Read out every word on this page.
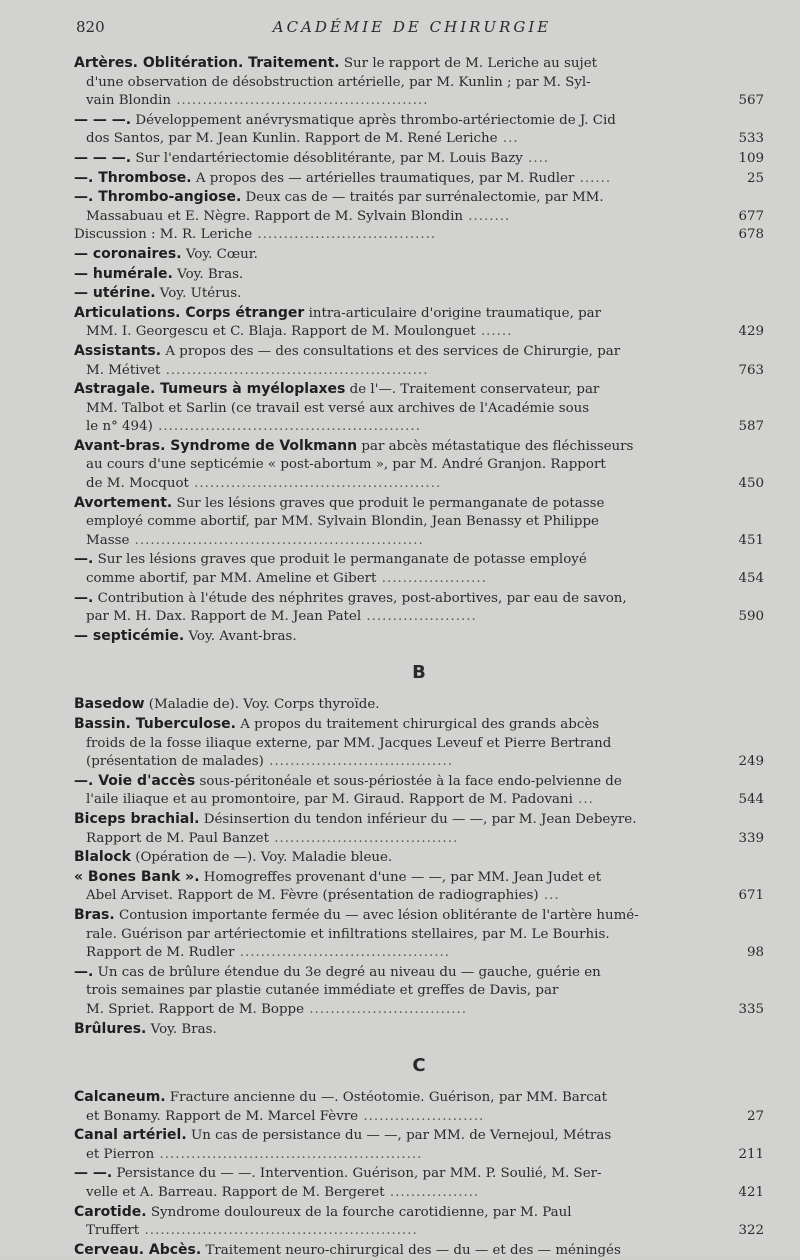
820	ACADÉMIE DE CHIRURGIE
Artères. Oblitération. Traitement. Sur le rapport de M. Leriche au sujet
d'une observation de désobstruction artérielle, par M. Kunlin ; par M. Syl-
567
vain Blondin ................................................
— — —. Développement anévrysmatique après thrombo-artériectomie de J. Cid
533
dos Santos, par M. Jean Kunlin. Rapport de M. René Leriche ...
109
— — —. Sur l'endartériectomie désoblitérante, par M. Louis Bazy ....
25
—. Thrombose. A propos des — artérielles traumatiques, par M. Rudler ......
—. Thrombo-angiose. Deux cas de — traités par surrénalectomie, par MM.
677
Massabuau et E. Nègre. Rapport de M. Sylvain Blondin ........
678
Discussion : M. R. Leriche ..................................
— coronaires. Voy. Cœur.
— humérale. Voy. Bras.
— utérine. Voy. Utérus.
Articulations. Corps étranger intra-articulaire d'origine traumatique, par
429
MM. I. Georgescu et C. Blaja. Rapport de M. Moulonguet ......
Assistants. A propos des — des consultations et des services de Chirurgie, par
763
M. Métivet ..................................................
Astragale. Tumeurs à myéloplaxes de l'—. Traitement conservateur, par
MM. Talbot et Sarlin (ce travail est versé aux archives de l'Académie sous
587
le n° 494) ..................................................
Avant-bras. Syndrome de Volkmann par abcès métastatique des fléchisseurs
au cours d'une septicémie « post-abortum », par M. André Granjon. Rapport
450
de M. Mocquot ...............................................
Avortement. Sur les lésions graves que produit le permanganate de potasse
employé comme abortif, par MM. Sylvain Blondin, Jean Benassy et Philippe
451
Masse .......................................................
—. Sur les lésions graves que produit le permanganate de potasse employé
454
comme abortif, par MM. Ameline et Gibert ....................
—. Contribution à l'étude des néphrites graves, post-abortives, par eau de savon,
590
par M. H. Dax. Rapport de M. Jean Patel .....................
— septicémie. Voy. Avant-bras.
B
Basedow (Maladie de). Voy. Corps thyroïde.
Bassin. Tuberculose. A propos du traitement chirurgical des grands abcès
froids de la fosse iliaque externe, par MM. Jacques Leveuf et Pierre Bertrand
249
(présentation de malades) ...................................
—. Voie d'accès sous-péritonéale et sous-périostée à la face endo-pelvienne de
544
l'aile iliaque et au promontoire, par M. Giraud. Rapport de M. Padovani ...
Biceps brachial. Désinsertion du tendon inférieur du — —, par M. Jean Debeyre.
339
Rapport de M. Paul Banzet ...................................
Blalock (Opération de —). Voy. Maladie bleue.
« Bones Bank ». Homogreffes provenant d'une — —, par MM. Jean Judet et
671
Abel Arviset. Rapport de M. Fèvre (présentation de radiographies) ...
Bras. Contusion importante fermée du — avec lésion oblitérante de l'artère humé-
rale. Guérison par artériectomie et infiltrations stellaires, par M. Le Bourhis.
98
Rapport de M. Rudler ........................................
—. Un cas de brûlure étendue du 3e degré au niveau du — gauche, guérie en
trois semaines par plastie cutanée immédiate et greffes de Davis, par
335
M. Spriet. Rapport de M. Boppe ..............................
Brûlures. Voy. Bras.
C
Calcaneum. Fracture ancienne du —. Ostéotomie. Guérison, par MM. Barcat
27
et Bonamy. Rapport de M. Marcel Fèvre .......................
Canal artériel. Un cas de persistance du — —, par MM. de Vernejoul, Métras
211
et Pierron ..................................................
— —. Persistance du — —. Intervention. Guérison, par MM. P. Soulié, M. Ser-
421
velle et A. Barreau. Rapport de M. Bergeret .................
Carotide. Syndrome douloureux de la fourche carotidienne, par M. Paul
322
Truffert ....................................................
Cerveau. Abcès. Traitement neuro-chirurgical des — du — et des — méningés
